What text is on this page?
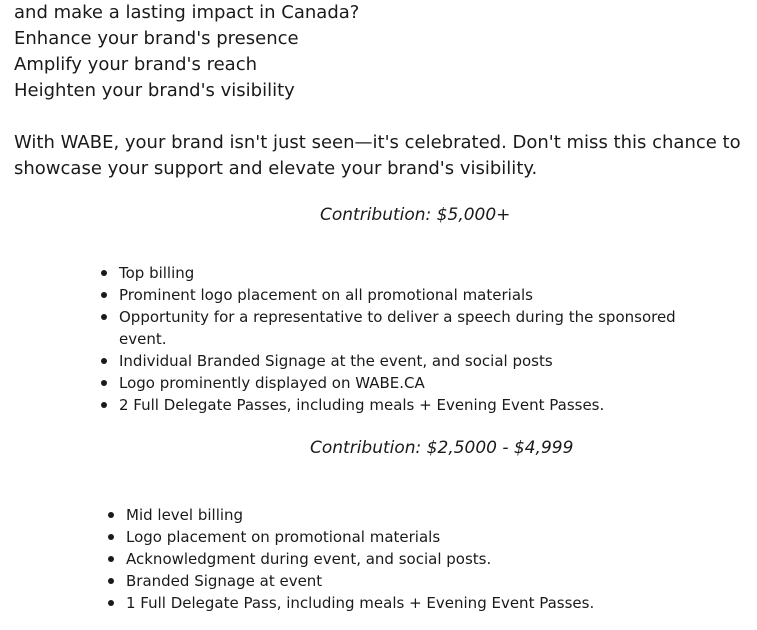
and make a lasting impact in Canada?
Enhance your brand's presence
Amplify your brand's reach
Heighten your brand's visibility

With WABE, your brand isn't just seen—it's celebrated. Don't miss this chance to showcase your support and elevate your brand's visibility.

Contribution: $5,000+
Top billing
Prominent logo placement on all promotional materials
Opportunity for a representative to deliver a speech during the sponsored event.
Individual Branded Signage at the event, and social posts
Logo prominently displayed on WABE.CA
2 Full Delegate Passes, including meals + Evening Event Passes.
Contribution: $2,5000 - $4,999
Mid level billing
Logo placement on promotional materials
Acknowledgment during event, and social posts.
Branded Signage at event
1 Full Delegate Pass, including meals + Evening Event Passes.
